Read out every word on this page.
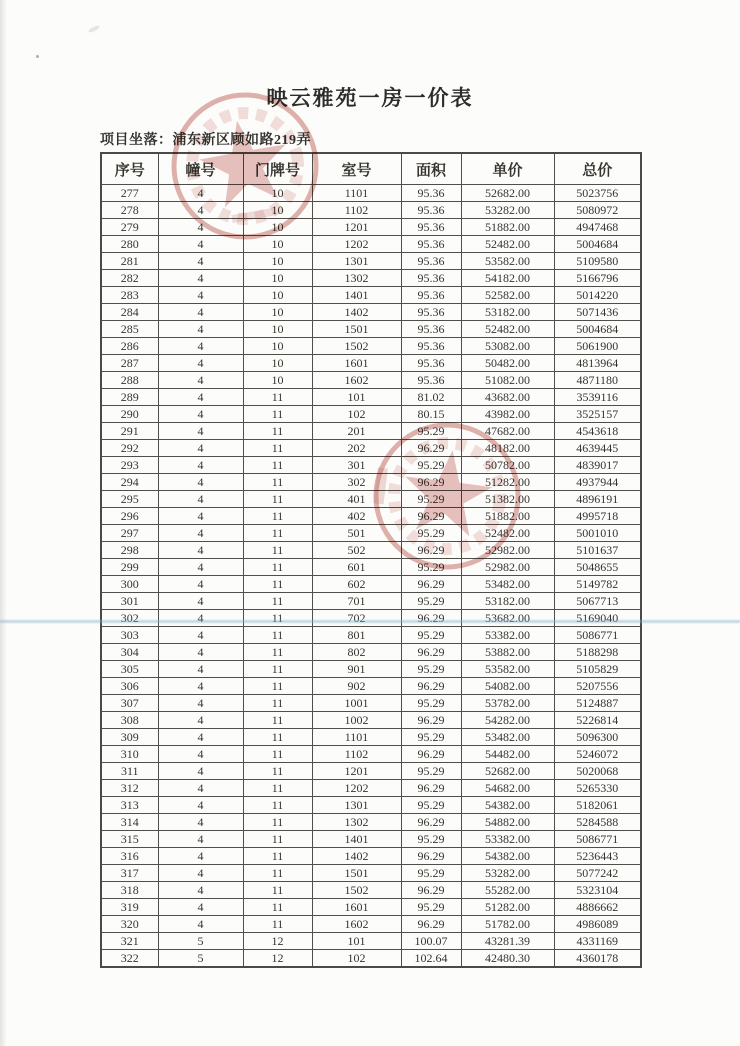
映云雅苑一房一价表
项目坐落：浦东新区顾如路219弄
序号	幢号	门牌号	室号	面积	单价	总价
277	4	10	1101	95.36	52682.00	5023756
278	4	10	1102	95.36	53282.00	5080972
279	4	10	1201	95.36	51882.00	4947468
280	4	10	1202	95.36	52482.00	5004684
281	4	10	1301	95.36	53582.00	5109580
282	4	10	1302	95.36	54182.00	5166796
283	4	10	1401	95.36	52582.00	5014220
284	4	10	1402	95.36	53182.00	5071436
285	4	10	1501	95.36	52482.00	5004684
286	4	10	1502	95.36	53082.00	5061900
287	4	10	1601	95.36	50482.00	4813964
288	4	10	1602	95.36	51082.00	4871180
289	4	11	101	81.02	43682.00	3539116
290	4	11	102	80.15	43982.00	3525157
291	4	11	201	95.29	47682.00	4543618
292	4	11	202	96.29	48182.00	4639445
293	4	11	301	95.29	50782.00	4839017
294	4	11	302	96.29	51282.00	4937944
295	4	11	401	95.29	51382.00	4896191
296	4	11	402	96.29	51882.00	4995718
297	4	11	501	95.29	52482.00	5001010
298	4	11	502	96.29	52982.00	5101637
299	4	11	601	95.29	52982.00	5048655
300	4	11	602	96.29	53482.00	5149782
301	4	11	701	95.29	53182.00	5067713
302	4	11	702	96.29	53682.00	5169040
303	4	11	801	95.29	53382.00	5086771
304	4	11	802	96.29	53882.00	5188298
305	4	11	901	95.29	53582.00	5105829
306	4	11	902	96.29	54082.00	5207556
307	4	11	1001	95.29	53782.00	5124887
308	4	11	1002	96.29	54282.00	5226814
309	4	11	1101	95.29	53482.00	5096300
310	4	11	1102	96.29	54482.00	5246072
311	4	11	1201	95.29	52682.00	5020068
312	4	11	1202	96.29	54682.00	5265330
313	4	11	1301	95.29	54382.00	5182061
314	4	11	1302	96.29	54882.00	5284588
315	4	11	1401	95.29	53382.00	5086771
316	4	11	1402	96.29	54382.00	5236443
317	4	11	1501	95.29	53282.00	5077242
318	4	11	1502	96.29	55282.00	5323104
319	4	11	1601	95.29	51282.00	4886662
320	4	11	1602	96.29	51782.00	4986089
321	5	12	101	100.07	43281.39	4331169
322	5	12	102	102.64	42480.30	4360178
